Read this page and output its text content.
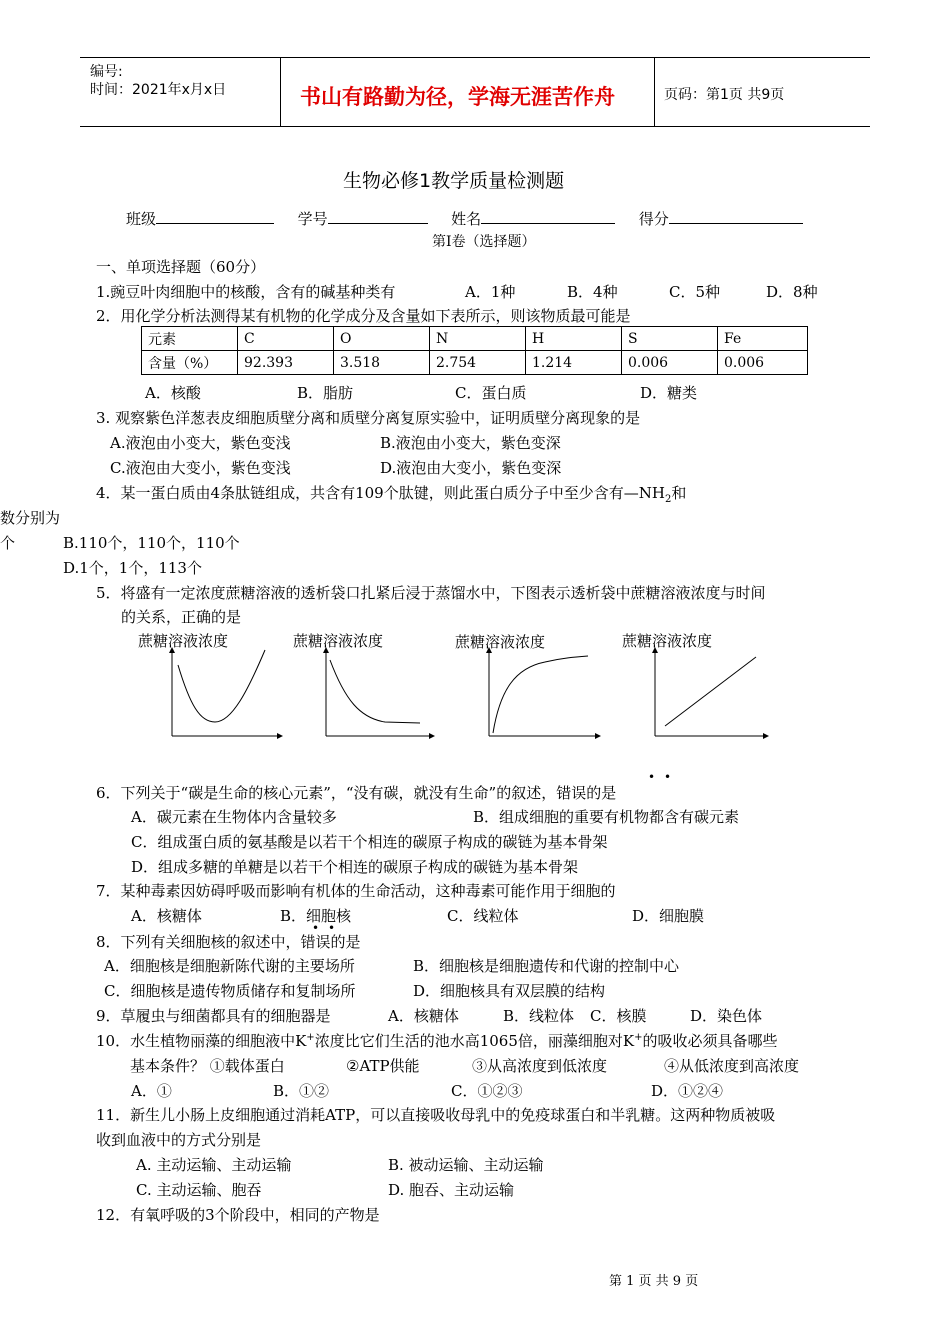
编号:
时间：2021年x月x日	书山有路勤为径，学海无涯苦作舟	页码：第1页 共9页
生物必修1教学质量检测题
班级	学号	姓名	得分
第Ⅰ卷（选择题）
一、单项选择题（60分）
1.豌豆叶肉细胞中的核酸，含有的碱基种类有	A．1种	B．4种	C．5种	D．8种
2．用化学分析法测得某有机物的化学成分及含量如下表所示，则该物质最可能是
元素	C	O	N	H	S	Fe
含量（%）	92.393	3.518	2.754	1.214	0.006	0.006
A．核酸	B．脂肪	C．蛋白质	D．糖类
3. 观察紫色洋葱表皮细胞质壁分离和质壁分离复原实验中，证明质壁分离现象的是
A.液泡由小变大，紫色变浅	B.液泡由小变大，紫色变深
C.液泡由大变小，紫色变浅	D.液泡由大变小，紫色变深
4．某一蛋白质由4条肽链组成，共含有109个肽键，则此蛋白质分子中至少含有$—NH_2$和
数分别为
个	B.110个，110个，110个
D.1个，1个，113个
5．将盛有一定浓度蔗糖溶液的透析袋口扎紧后浸于蒸馏水中，下图表示透析袋中蔗糖溶液浓度与时间
的关系，正确的是
蔗糖溶液浓度	蔗糖溶液浓度	蔗糖溶液浓度	蔗糖溶液浓度
• •
6．下列关于“碳是生命的核心元素”，“没有碳，就没有生命”的叙述，错误的是
A．碳元素在生物体内含量较多	B．组成细胞的重要有机物都含有碳元素
C．组成蛋白质的氨基酸是以若干个相连的碳原子构成的碳链为基本骨架
D．组成多糖的单糖是以若干个相连的碳原子构成的碳链为基本骨架
7．某种毒素因妨碍呼吸而影响有机体的生命活动，这种毒素可能作用于细胞的
A．核糖体	B．细胞核	C．线粒体	D．细胞膜
• •
8．下列有关细胞核的叙述中，错误的是
A．细胞核是细胞新陈代谢的主要场所	B．细胞核是细胞遗传和代谢的控制中心
C．细胞核是遗传物质储存和复制场所	D．细胞核具有双层膜的结构
9．草履虫与细菌都具有的细胞器是	A．核糖体	B．线粒体 C．核膜	D．染色体
10．水生植物丽藻的细胞液中K+浓度比它们生活的池水高1065倍，丽藻细胞对K+的吸收必须具备哪些
基本条件？ ①载体蛋白	②ATP供能	③从高浓度到低浓度	④从低浓度到高浓度
A．①	B．①②	C．①②③	D．①②④
11．新生儿小肠上皮细胞通过消耗ATP，可以直接吸收母乳中的免疫球蛋白和半乳糖。这两种物质被吸
收到血液中的方式分别是
A. 主动运输、主动运输	B. 被动运输、主动运输
C. 主动运输、胞吞	D. 胞吞、主动运输
12．有氧呼吸的3个阶段中，相同的产物是
第 1 页 共 9 页
